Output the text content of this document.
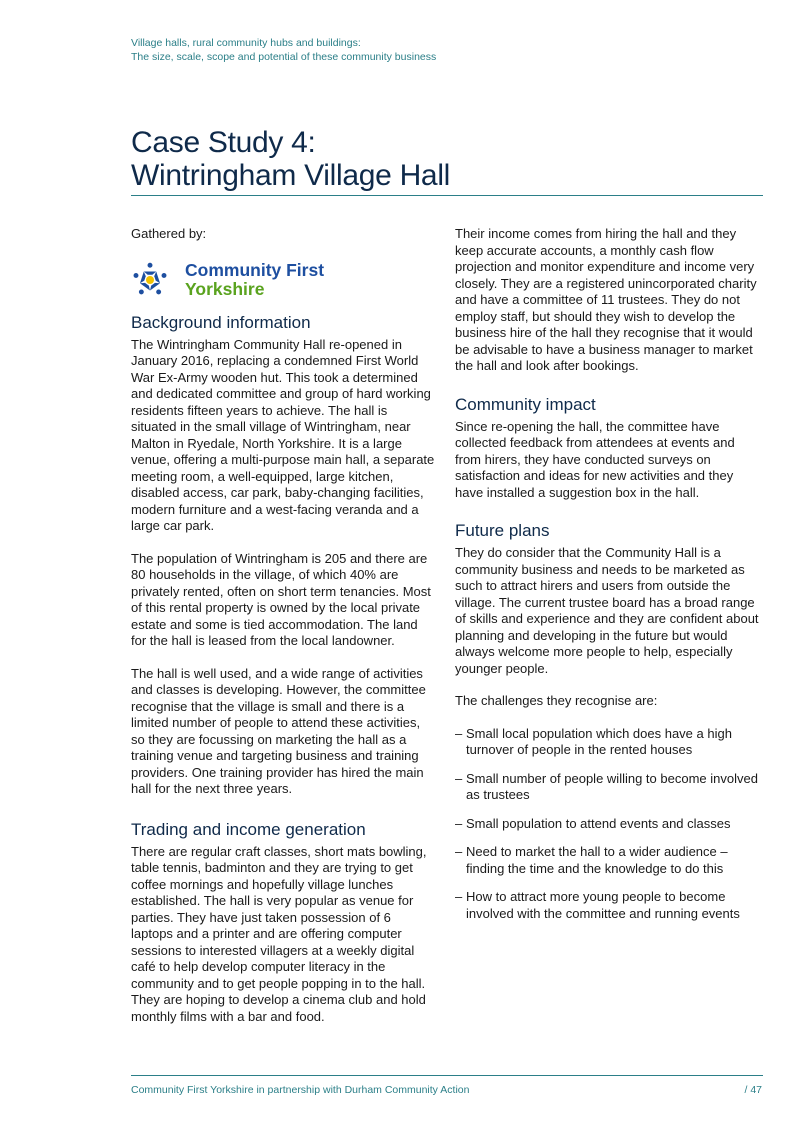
Village halls, rural community hubs and buildings:
The size, scale, scope and potential of these community business
Case Study 4:
Wintringham Village Hall

Gathered by:

Community First
Yorkshire
Background information

The Wintringham Community Hall re-opened in January 2016, replacing a condemned First World War Ex-Army wooden hut. This took a determined and dedicated committee and group of hard working residents fifteen years to achieve. The hall is situated in the small village of Wintringham, near Malton in Ryedale, North Yorkshire. It is a large venue, offering a multi-purpose main hall, a separate meeting room, a well-equipped, large kitchen, disabled access, car park, baby-changing facilities, modern furniture and a west-facing veranda and a large car park.

The population of Wintringham is 205 and there are 80 households in the village, of which 40% are privately rented, often on short term tenancies. Most of this rental property is owned by the local private estate and some is tied accommodation. The land for the hall is leased from the local landowner.

The hall is well used, and a wide range of activities and classes is developing. However, the committee recognise that the village is small and there is a limited number of people to attend these activities, so they are focussing on marketing the hall as a training venue and targeting business and training providers. One training provider has hired the main hall for the next three years.

Trading and income generation

There are regular craft classes, short mats bowling, table tennis, badminton and they are trying to get coffee mornings and hopefully village lunches established. The hall is very popular as venue for parties. They have just taken possession of 6 laptops and a printer and are offering computer sessions to interested villagers at a weekly digital café to help develop computer literacy in the community and to get people popping in to the hall. They are hoping to develop a cinema club and hold monthly films with a bar and food.

Their income comes from hiring the hall and they keep accurate accounts, a monthly cash flow projection and monitor expenditure and income very closely. They are a registered unincorporated charity and have a committee of 11 trustees. They do not employ staff, but should they wish to develop the business hire of the hall they recognise that it would be advisable to have a business manager to market the hall and look after bookings.

Community impact

Since re-opening the hall, the committee have collected feedback from attendees at events and from hirers, they have conducted surveys on satisfaction and ideas for new activities and they have installed a suggestion box in the hall.

Future plans

They do consider that the Community Hall is a community business and needs to be marketed as such to attract hirers and users from outside the village. The current trustee board has a broad range of skills and experience and they are confident about planning and developing in the future but would always welcome more people to help, especially younger people.

The challenges they recognise are:

– Small local population which does have a high turnover of people in the rented houses
– Small number of people willing to become involved as trustees
– Small population to attend events and classes
– Need to market the hall to a wider audience – finding the time and the knowledge to do this
– How to attract more young people to become involved with the committee and running events
Community First Yorkshire in partnership with Durham Community Action	/ 47
